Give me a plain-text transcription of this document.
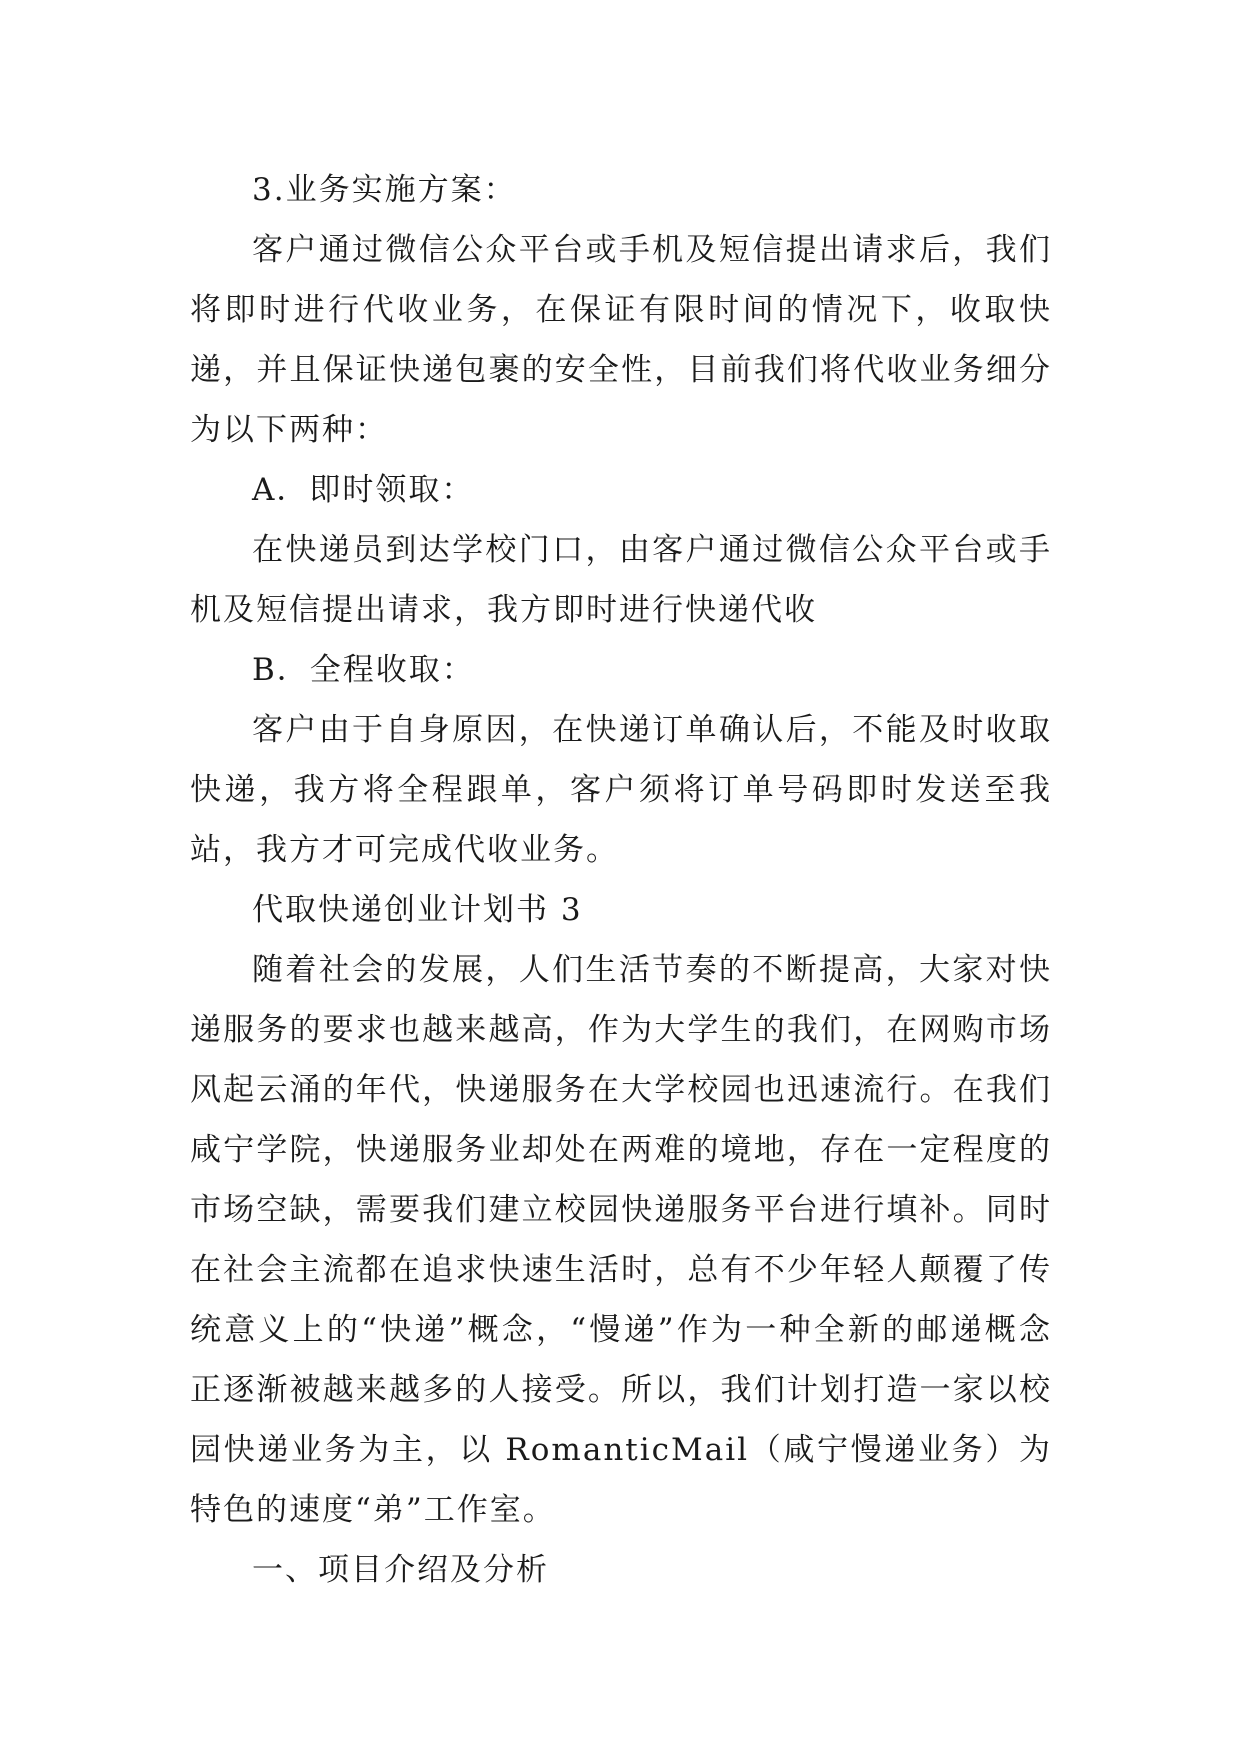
3.业务实施方案：

客户通过微信公众平台或手机及短信提出请求后，我们将即时进行代收业务，在保证有限时间的情况下，收取快递，并且保证快递包裹的安全性，目前我们将代收业务细分为以下两种：

A．即时领取：

在快递员到达学校门口，由客户通过微信公众平台或手机及短信提出请求，我方即时进行快递代收

B．全程收取：

客户由于自身原因，在快递订单确认后，不能及时收取快递，我方将全程跟单，客户须将订单号码即时发送至我站，我方才可完成代收业务。

代取快递创业计划书 3

随着社会的发展，人们生活节奏的不断提高，大家对快递服务的要求也越来越高，作为大学生的我们，在网购市场风起云涌的年代，快递服务在大学校园也迅速流行。在我们咸宁学院，快递服务业却处在两难的境地，存在一定程度的市场空缺，需要我们建立校园快递服务平台进行填补。同时在社会主流都在追求快速生活时，总有不少年轻人颠覆了传统意义上的“快递”概念，“慢递”作为一种全新的邮递概念正逐渐被越来越多的人接受。所以，我们计划打造一家以校园快递业务为主，以 RomanticMail（咸宁慢递业务）为特色的速度“弟”工作室。

一、项目介绍及分析
